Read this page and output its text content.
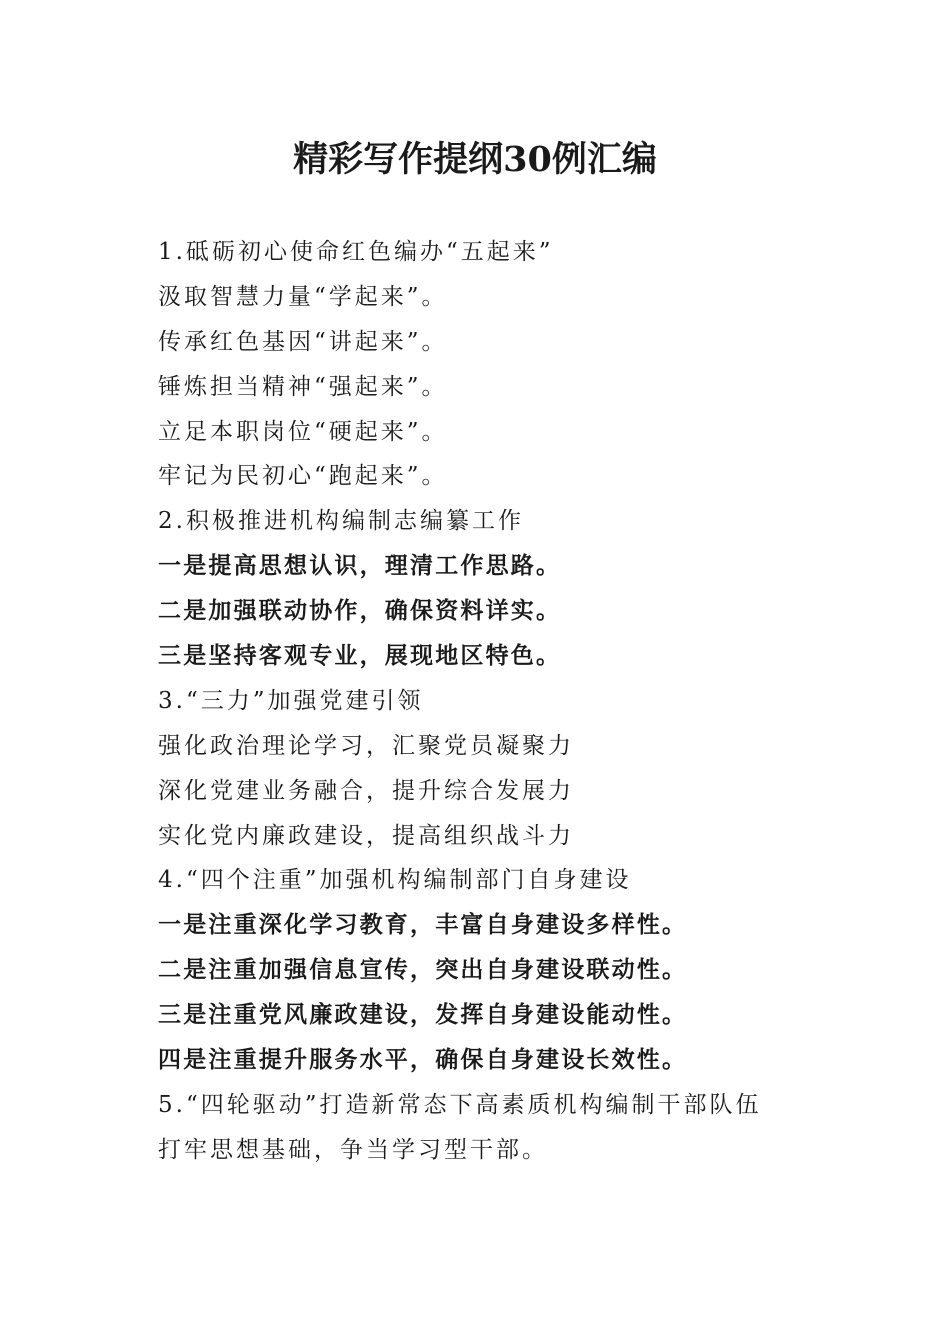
精彩写作提纲30例汇编
1.砥砺初心使命红色编办“五起来”
汲取智慧力量“学起来”。
传承红色基因“讲起来”。
锤炼担当精神“强起来”。
立足本职岗位“硬起来”。
牢记为民初心“跑起来”。
2.积极推进机构编制志编纂工作
一是提高思想认识，理清工作思路。
二是加强联动协作，确保资料详实。
三是坚持客观专业，展现地区特色。
3.“三力”加强党建引领
强化政治理论学习，汇聚党员凝聚力
深化党建业务融合，提升综合发展力
实化党内廉政建设，提高组织战斗力
4.“四个注重”加强机构编制部门自身建设
一是注重深化学习教育，丰富自身建设多样性。
二是注重加强信息宣传，突出自身建设联动性。
三是注重党风廉政建设，发挥自身建设能动性。
四是注重提升服务水平，确保自身建设长效性。
5.“四轮驱动”打造新常态下高素质机构编制干部队伍
打牢思想基础，争当学习型干部。
